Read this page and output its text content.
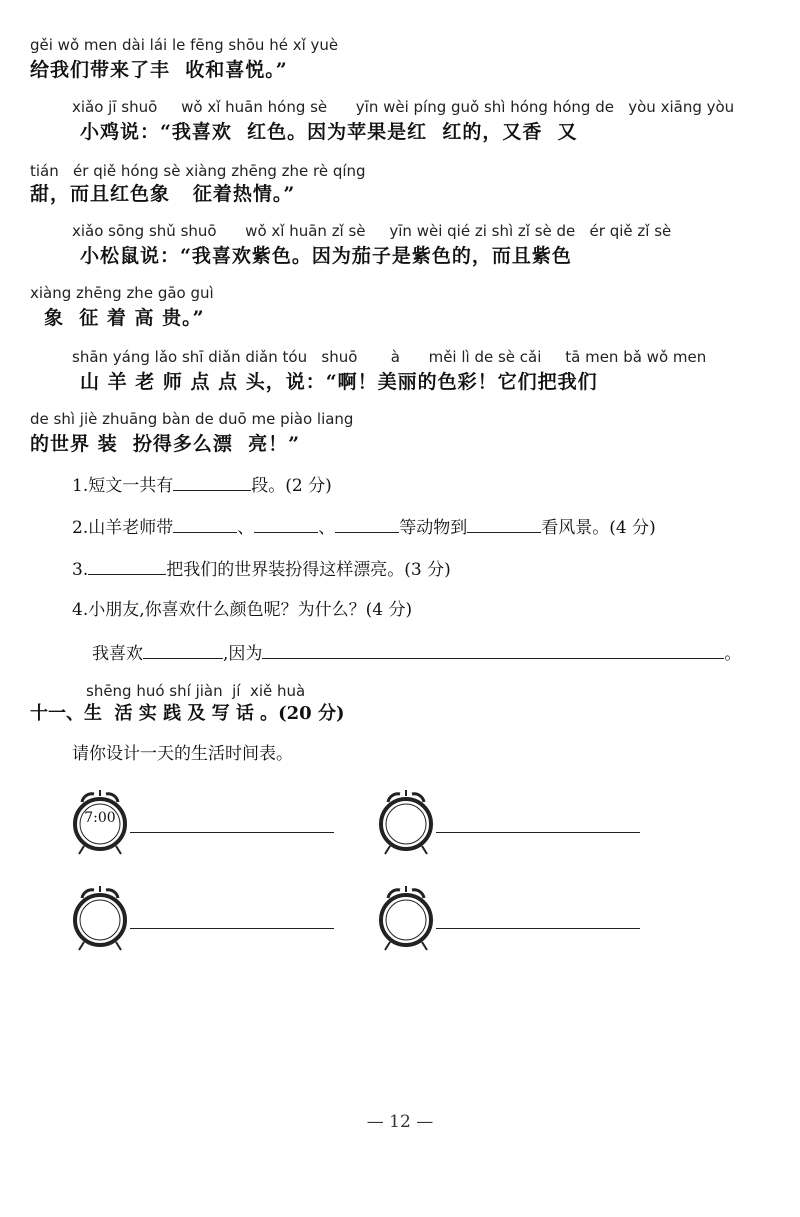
gěi wǒ men dài lái le fēng shōu hé xǐ yuè
给我们带来了丰  收和喜悦。”
xiǎo jī shuō     wǒ xǐ huān hóng sè      yīn wèi píng guǒ shì hóng hóng de   yòu xiāng yòu
小鸡说：“我喜欢  红色。因为苹果是红  红的，又香  又
tián   ér qiě hóng sè xiàng zhēng zhe rè qíng
甜，而且红色象   征着热情。”
xiǎo sōng shǔ shuō      wǒ xǐ huān zǐ sè     yīn wèi qié zi shì zǐ sè de   ér qiě zǐ sè
小松鼠说：“我喜欢紫色。因为茄子是紫色的，而且紫色
xiàng zhēng zhe gāo guì
象  征 着 高 贵。”
shān yáng lǎo shī diǎn diǎn tóu   shuō       à      měi lì de sè cǎi     tā men bǎ wǒ men
山 羊 老 师 点 点 头，说：“啊！美丽的色彩！它们把我们
de shì jiè zhuāng bàn de duō me piào liang
的世界 装  扮得多么漂  亮！”
1.短文一共有	段。(2 分)
2.山羊老师带	、	、	等动物到	看风景。(4 分)
3.	把我们的世界装扮得这样漂亮。(3 分)
4.小朋友,你喜欢什么颜色呢？为什么？(4 分)
我喜欢	,因为	。
shēng huó shí jiàn  jí  xiě huà
十一、生  活 实 践 及 写 话 。(20 分)
请你设计一天的生活时间表。
7:00
— 12 —
